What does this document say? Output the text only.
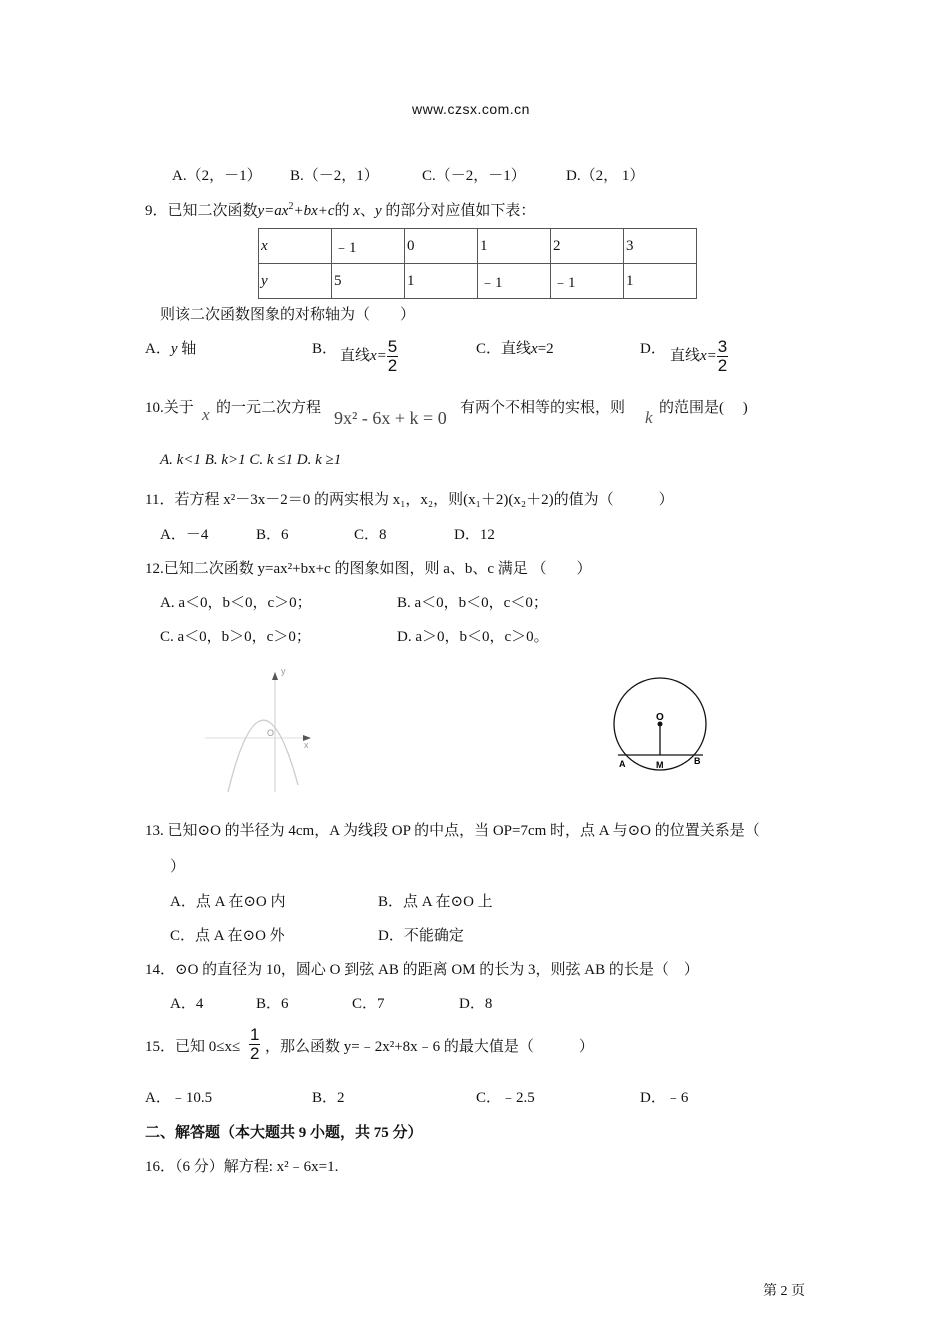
www.czsx.com.cn
A.（2，－1） B.（－2，1）	C.（－2，－1）	D.（2， 1）
9．已知二次函数$y=ax^2+bx+c$的 x、y 的部分对应值如下表：
x	﹣1	0	1	2	3
y	5	1	﹣1	﹣1	1
则该二次函数图象的对称轴为（　　）
A．y 轴	B． 直线$x= \frac{5}{2}$	C．直线x=2	D． 直线$x= \frac{3}{2}$
10.关于 x 的一元二次方程 9x² - 6x + k = 0 有两个不相等的实根，则 k 的范围是(　 )
A. k<1 B. k>1 C. k ≤1 D. k ≥1
11．若方程 x²－3x－2＝0 的两实根为 x₁，x₂，则(x₁＋2)(x₂＋2)的值为（　　　）
A．－4	B．6	C．8	D．12
12.已知二次函数 y=ax²+bx+c 的图象如图，则 a、b、c 满足 （　　）
A. a＜0，b＜0，c＞0；	B. a＜0，b＜0，c＜0；
C. a＜0，b＞0，c＞0；	D. a＞0，b＜0，c＞0。
y
O
x
O
M
A	B
13. 已知⊙O 的半径为 4cm，A 为线段 OP 的中点，当 OP=7cm 时，点 A 与⊙O 的位置关系是（
）
A．点 A 在⊙O 内	B．点 A 在⊙O 上
C．点 A 在⊙O 外	D．不能确定
14．⊙O 的直径为 10，圆心 O 到弦 AB 的距离 OM 的长为 3，则弦 AB 的长是（　）
A．4	B．6	C．7	D．8
15．已知 $0\le x\le \frac{1}{2}$ ，那么函数 y=﹣2x²+8x﹣6 的最大值是（　　　）
A．﹣10.5	B．2	C．﹣2.5	D．﹣6
二、解答题（本大题共 9 小题，共 75 分）
16．（6 分）解方程: x²﹣6x=1.
第 2 页
